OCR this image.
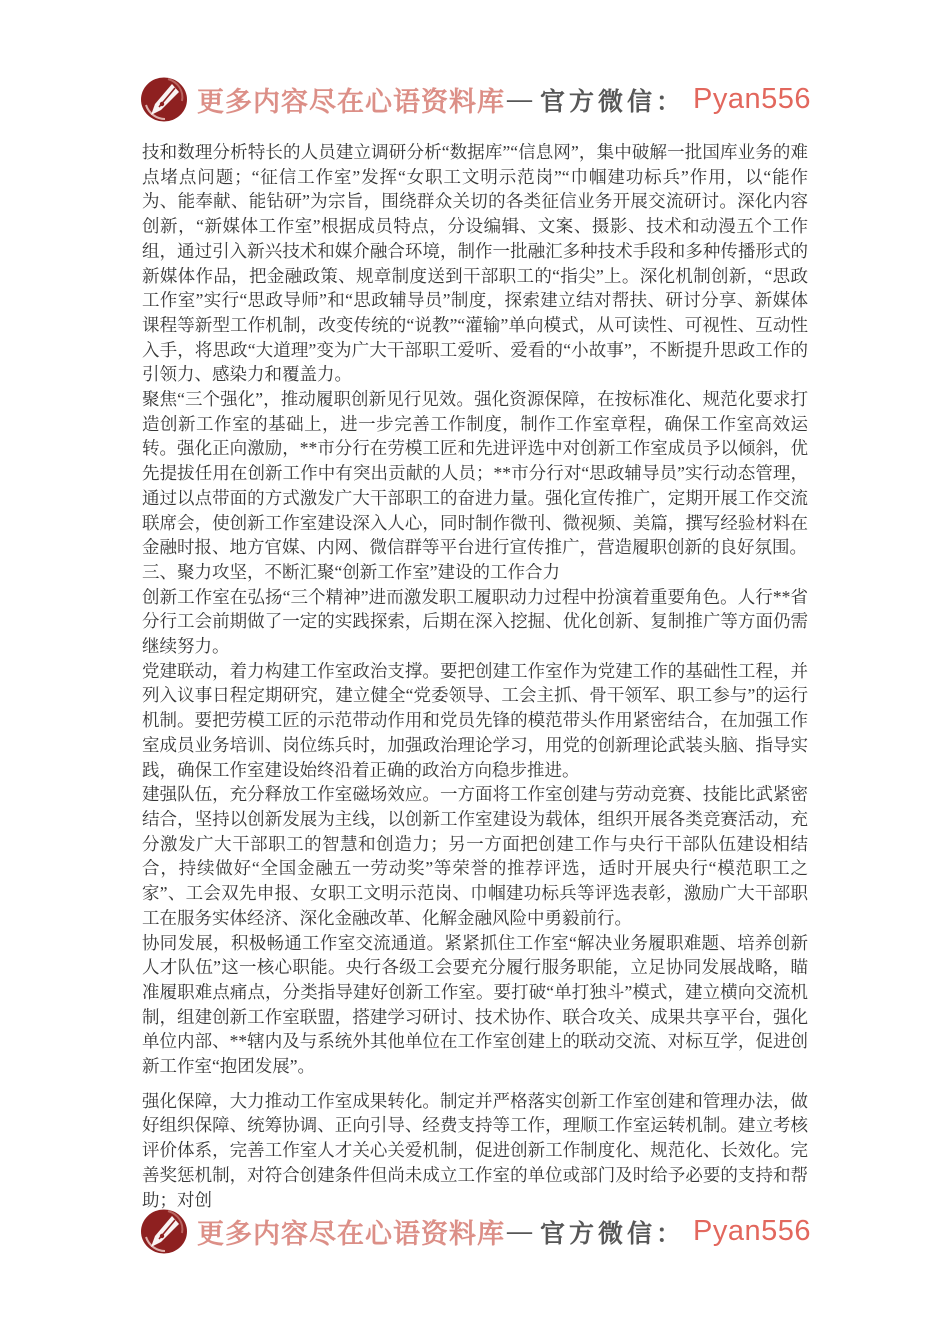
更多内容尽在心语资料库 — 官方微信： Pyan556

技和数理分析特长的人员建立调研分析“数据库”“信息网”，集中破解一批国库业务的难点堵点问题；“征信工作室”发挥“女职工文明示范岗”“巾帼建功标兵”作用，以“能作为、能奉献、能钻研”为宗旨，围绕群众关切的各类征信业务开展交流研讨。深化内容创新，“新媒体工作室”根据成员特点，分设编辑、文案、摄影、技术和动漫五个工作组，通过引入新兴技术和媒介融合环境，制作一批融汇多种技术手段和多种传播形式的新媒体作品，把金融政策、规章制度送到干部职工的“指尖”上。深化机制创新，“思政工作室”实行“思政导师”和“思政辅导员”制度，探索建立结对帮扶、研讨分享、新媒体课程等新型工作机制，改变传统的“说教”“灌输”单向模式，从可读性、可视性、互动性入手，将思政“大道理”变为广大干部职工爱听、爱看的“小故事”，不断提升思政工作的引领力、感染力和覆盖力。

聚焦“三个强化”，推动履职创新见行见效。强化资源保障，在按标准化、规范化要求打造创新工作室的基础上，进一步完善工作制度，制作工作室章程，确保工作室高效运转。强化正向激励，**市分行在劳模工匠和先进评选中对创新工作室成员予以倾斜，优先提拔任用在创新工作中有突出贡献的人员；**市分行对“思政辅导员”实行动态管理，通过以点带面的方式激发广大干部职工的奋进力量。强化宣传推广，定期开展工作交流联席会，使创新工作室建设深入人心，同时制作微刊、微视频、美篇，撰写经验材料在金融时报、地方官媒、内网、微信群等平台进行宣传推广，营造履职创新的良好氛围。

三、聚力攻坚，不断汇聚“创新工作室”建设的工作合力

创新工作室在弘扬“三个精神”进而激发职工履职动力过程中扮演着重要角色。人行**省分行工会前期做了一定的实践探索，后期在深入挖掘、优化创新、复制推广等方面仍需继续努力。

党建联动，着力构建工作室政治支撑。要把创建工作室作为党建工作的基础性工程，并列入议事日程定期研究，建立健全“党委领导、工会主抓、骨干领军、职工参与”的运行机制。要把劳模工匠的示范带动作用和党员先锋的模范带头作用紧密结合，在加强工作室成员业务培训、岗位练兵时，加强政治理论学习，用党的创新理论武装头脑、指导实践，确保工作室建设始终沿着正确的政治方向稳步推进。

建强队伍，充分释放工作室磁场效应。一方面将工作室创建与劳动竞赛、技能比武紧密结合，坚持以创新发展为主线，以创新工作室建设为载体，组织开展各类竞赛活动，充分激发广大干部职工的智慧和创造力；另一方面把创建工作与央行干部队伍建设相结合，持续做好“全国金融五一劳动奖”等荣誉的推荐评选，适时开展央行“模范职工之家”、工会双先申报、女职工文明示范岗、巾帼建功标兵等评选表彰，激励广大干部职工在服务实体经济、深化金融改革、化解金融风险中勇毅前行。

协同发展，积极畅通工作室交流通道。紧紧抓住工作室“解决业务履职难题、培养创新人才队伍”这一核心职能。央行各级工会要充分履行服务职能，立足协同发展战略，瞄准履职难点痛点，分类指导建好创新工作室。要打破“单打独斗”模式，建立横向交流机制，组建创新工作室联盟，搭建学习研讨、技术协作、联合攻关、成果共享平台，强化单位内部、**辖内及与系统外其他单位在工作室创建上的联动交流、对标互学，促进创新工作室“抱团发展”。

强化保障，大力推动工作室成果转化。制定并严格落实创新工作室创建和管理办法，做好组织保障、统筹协调、正向引导、经费支持等工作，理顺工作室运转机制。建立考核评价体系，完善工作室人才关心关爱机制，促进创新工作制度化、规范化、长效化。完善奖惩机制，对符合创建条件但尚未成立工作室的单位或部门及时给予必要的支持和帮助；对创

更多内容尽在心语资料库 — 官方微信： Pyan556
